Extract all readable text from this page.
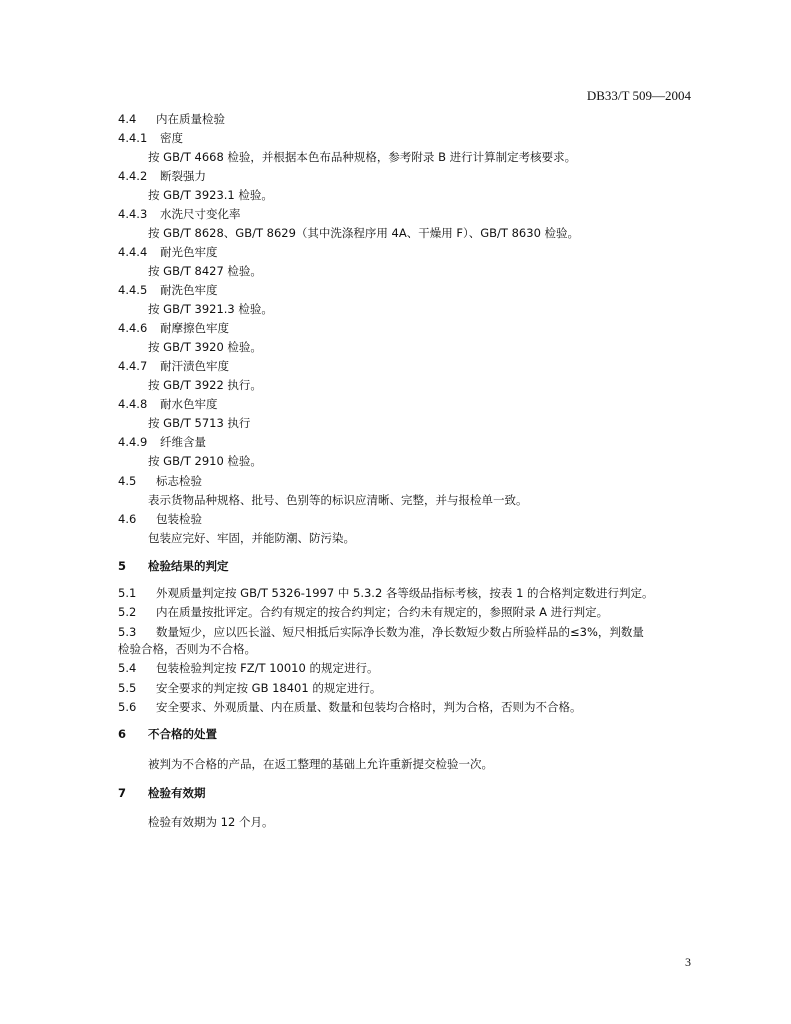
DB33/T 509—2004
4.4 内在质量检验
4.4.1 密度
按 GB/T 4668 检验，并根据本色布品种规格，参考附录 B 进行计算制定考核要求。
4.4.2 断裂强力
按 GB/T 3923.1 检验。
4.4.3 水洗尺寸变化率
按 GB/T 8628、GB/T 8629（其中洗涤程序用 4A、干燥用 F）、GB/T 8630 检验。
4.4.4 耐光色牢度
按 GB/T 8427 检验。
4.4.5 耐洗色牢度
按 GB/T 3921.3 检验。
4.4.6 耐摩擦色牢度
按 GB/T 3920 检验。
4.4.7 耐汗渍色牢度
按 GB/T 3922 执行。
4.4.8 耐水色牢度
按 GB/T 5713 执行
4.4.9 纤维含量
按 GB/T 2910 检验。
4.5 标志检验
表示货物品种规格、批号、色别等的标识应清晰、完整，并与报检单一致。
4.6 包装检验
包装应完好、牢固，并能防潮、防污染。
5 检验结果的判定
5.1 外观质量判定按 GB/T 5326-1997 中 5.3.2 各等级品指标考核，按表 1 的合格判定数进行判定。
5.2 内在质量按批评定。合约有规定的按合约判定；合约未有规定的，参照附录 A 进行判定。
5.3 数量短少，应以匹长溢、短尺相抵后实际净长数为准，净长数短少数占所验样品的≤3%，判数量
检验合格，否则为不合格。
5.4 包装检验判定按 FZ/T 10010 的规定进行。
5.5 安全要求的判定按 GB 18401 的规定进行。
5.6 安全要求、外观质量、内在质量、数量和包装均合格时，判为合格，否则为不合格。
6 不合格的处置
被判为不合格的产品，在返工整理的基础上允许重新提交检验一次。
7 检验有效期
检验有效期为 12 个月。
3
